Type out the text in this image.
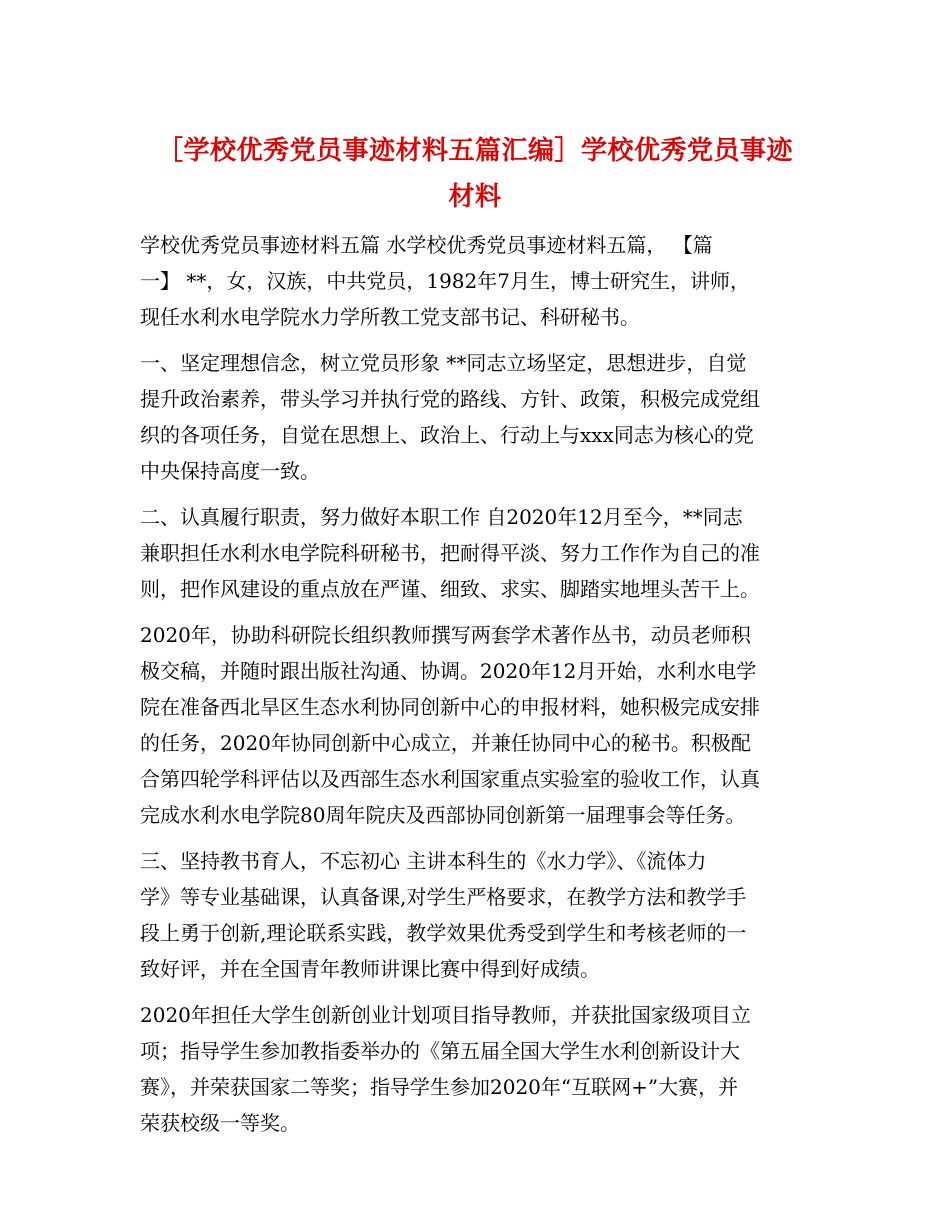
［学校优秀党员事迹材料五篇汇编］学校优秀党员事迹
材料
学校优秀党员事迹材料五篇 水学校优秀党员事迹材料五篇， 【篇
一】 **，女，汉族，中共党员，1982年7月生，博士研究生，讲师，
现任水利水电学院水力学所教工党支部书记、科研秘书。
一、坚定理想信念，树立党员形象 **同志立场坚定，思想进步，自觉
提升政治素养，带头学习并执行党的路线、方针、政策，积极完成党组
织的各项任务，自觉在思想上、政治上、行动上与xxx同志为核心的党
中央保持高度一致。
二、认真履行职责，努力做好本职工作 自2020年12月至今，**同志
兼职担任水利水电学院科研秘书，把耐得平淡、努力工作作为自己的准
则，把作风建设的重点放在严谨、细致、求实、脚踏实地埋头苦干上。
2020年，协助科研院长组织教师撰写两套学术著作丛书，动员老师积
极交稿，并随时跟出版社沟通、协调。2020年12月开始，水利水电学
院在准备西北旱区生态水利协同创新中心的申报材料，她积极完成安排
的任务，2020年协同创新中心成立，并兼任协同中心的秘书。积极配
合第四轮学科评估以及西部生态水利国家重点实验室的验收工作，认真
完成水利水电学院80周年院庆及西部协同创新第一届理事会等任务。
三、坚持教书育人，不忘初心 主讲本科生的《水力学》、《流体力
学》等专业基础课，认真备课,对学生严格要求，在教学方法和教学手
段上勇于创新,理论联系实践，教学效果优秀受到学生和考核老师的一
致好评，并在全国青年教师讲课比赛中得到好成绩。
2020年担任大学生创新创业计划项目指导教师，并获批国家级项目立
项；指导学生参加教指委举办的《第五届全国大学生水利创新设计大
赛》，并荣获国家二等奖；指导学生参加2020年“互联网+”大赛，并
荣获校级一等奖。
